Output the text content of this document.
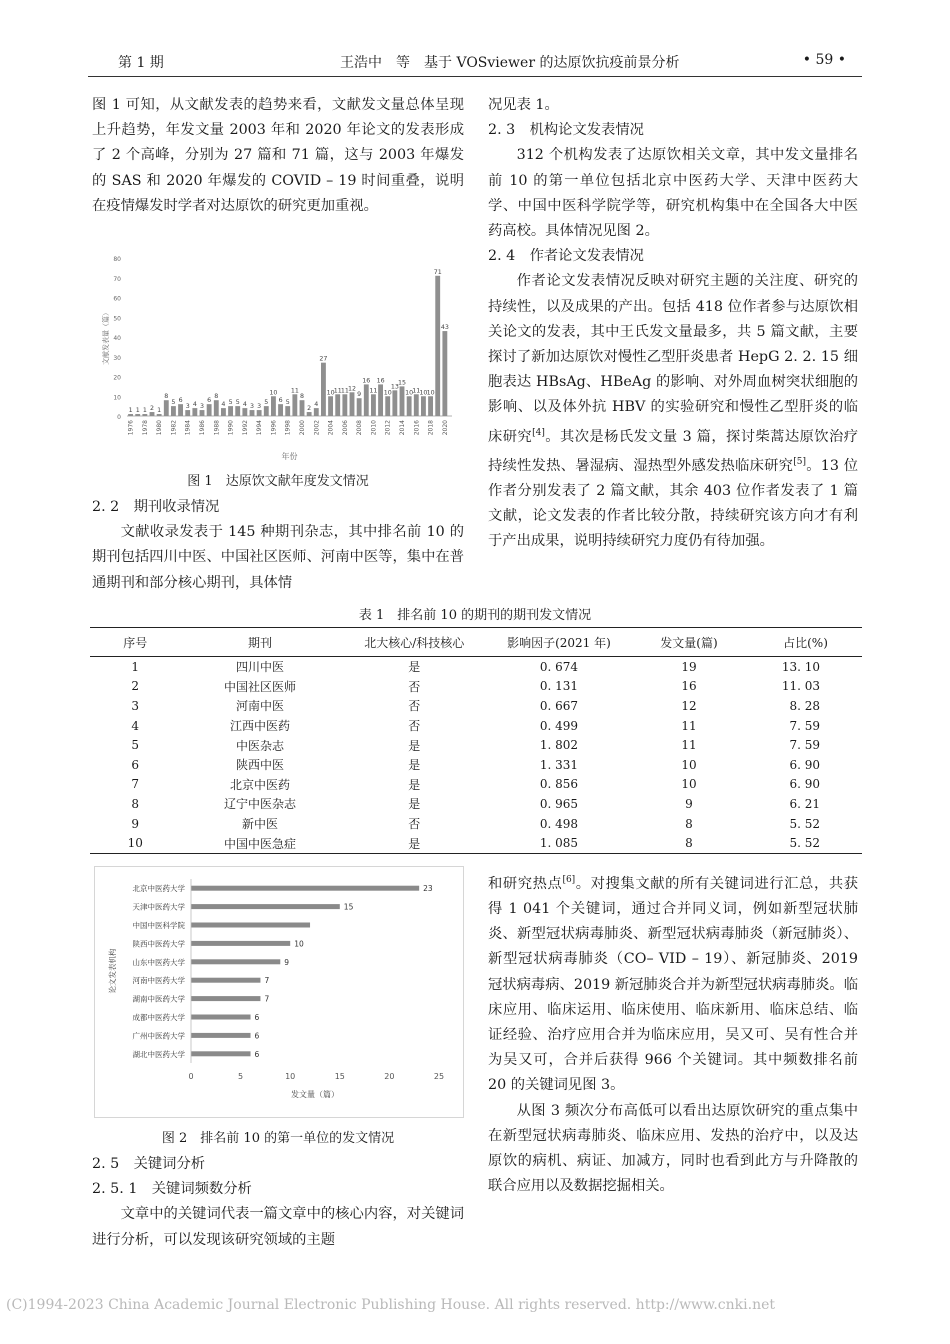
第 1 期	王浩中　等　基于 VOSviewer 的达原饮抗疫前景分析	• 59 •

图 1 可知，从文献发表的趋势来看，文献发文量总体呈现上升趋势，年发文量 2003 年和 2020 年论文的发表形成了 2 个高峰，分别为 27 篇和 71 篇，这与 2003 年爆发的 SAS 和 2020 年爆发的 COVID – 19 时间重叠，说明在疫情爆发时学者对达原饮的研究更加重视。

0
10
20
30
40
50
60
70
80
1 1 1 2 1
8
5 6
3 4 3
6
8
4 5 5 4 3 3
5
10
6 5
11
8
2
4
27
10 11 11 12
9
16
11
16
10
13
15
10 11 10 10
71
43
1976 1978 1980 1982 1984 1986 1988 1990 1992 1994 1996 1998 2000 2002 2004 2006 2008 2010 2012 2014 2016 2018 2020
年份
文献发表量（篇）
图 1　达原饮文献年度发文情况

2. 2　期刊收录情况

文献收录发表于 145 种期刊杂志，其中排名前 10 的期刊包括四川中医、中国社区医师、河南中医等，集中在普通期刊和部分核心期刊，具体情

况见表 1。

2. 3　机构论文发表情况

312 个机构发表了达原饮相关文章，其中发文量排名前 10 的第一单位包括北京中医药大学、天津中医药大学、中国中医科学院学等，研究机构集中在全国各大中医药高校。具体情况见图 2。

2. 4　作者论文发表情况

作者论文发表情况反映对研究主题的关注度、研究的持续性，以及成果的产出。包括 418 位作者参与达原饮相关论文的发表，其中王氏发文量最多，共 5 篇文献，主要探讨了新加达原饮对慢性乙型肝炎患者 HepG 2. 2. 15 细胞表达 HBsAg、HBeAg 的影响、对外周血树突状细胞的影响、以及体外抗 HBV 的实验研究和慢性乙型肝炎的临床研究[4]。其次是杨氏发文量 3 篇，探讨柴蒿达原饮治疗持续性发热、暑湿病、湿热型外感发热临床研究[5]。13 位作者分别发表了 2 篇文献，其余 403 位作者发表了 1 篇文献，论文发表的作者比较分散，持续研究该方向才有利于产出成果，说明持续研究力度仍有待加强。

表 1　排名前 10 的期刊的期刊发文情况
序号	期刊	北大核心/科技核心	影响因子(2021 年)	发文量(篇)	占比(%)
1	四川中医	是	0. 674	19	13. 10
2	中国社区医师	否	0. 131	16	11. 03
3	河南中医	否	0. 667	12	8. 28
4	江西中医药	否	0. 499	11	7. 59
5	中医杂志	是	1. 802	11	7. 59
6	陕西中医	是	1. 331	10	6. 90
7	北京中医药	是	0. 856	10	6. 90
8	辽宁中医杂志	是	0. 965	9	6. 21
9	新中医	否	0. 498	8	5. 52
10	中国中医急症	是	1. 085	8	5. 52
0	5	10	15	20	25
北京中医药大学	23
天津中医药大学	15
中国中医科学院
陕西中医药大学	10
山东中医药大学	9
河南中医药大学	7
湖南中医药大学	7
成都中医药大学	6
广州中医药大学	6
湖北中医药大学	6
发文量（篇）
论文发表机构
图 2　排名前 10 的第一单位的发文情况

2. 5　关键词分析

2. 5. 1　关键词频数分析

文章中的关键词代表一篇文章中的核心内容，对关键词进行分析，可以发现该研究领域的主题

和研究热点[6]。对搜集文献的所有关键词进行汇总，共获得 1 041 个关键词，通过合并同义词，例如新型冠状肺炎、新型冠状病毒肺炎、新型冠状病毒肺炎（新冠肺炎）、新型冠状病毒肺炎（CO– VID – 19）、新冠肺炎、2019 冠状病毒病、2019 新冠肺炎合并为新型冠状病毒肺炎。临床应用、临床运用、临床使用、临床新用、临床总结、临证经验、治疗应用合并为临床应用，吴又可、吴有性合并为吴又可，合并后获得 966 个关键词。其中频数排名前 20 的关键词见图 3。

从图 3 频次分布高低可以看出达原饮研究的重点集中在新型冠状病毒肺炎、临床应用、发热的治疗中，以及达原饮的病机、病证、加减方，同时也看到此方与升降散的联合应用以及数据挖掘相关。

(C)1994-2023 China Academic Journal Electronic Publishing House. All rights reserved. http://www.cnki.net
